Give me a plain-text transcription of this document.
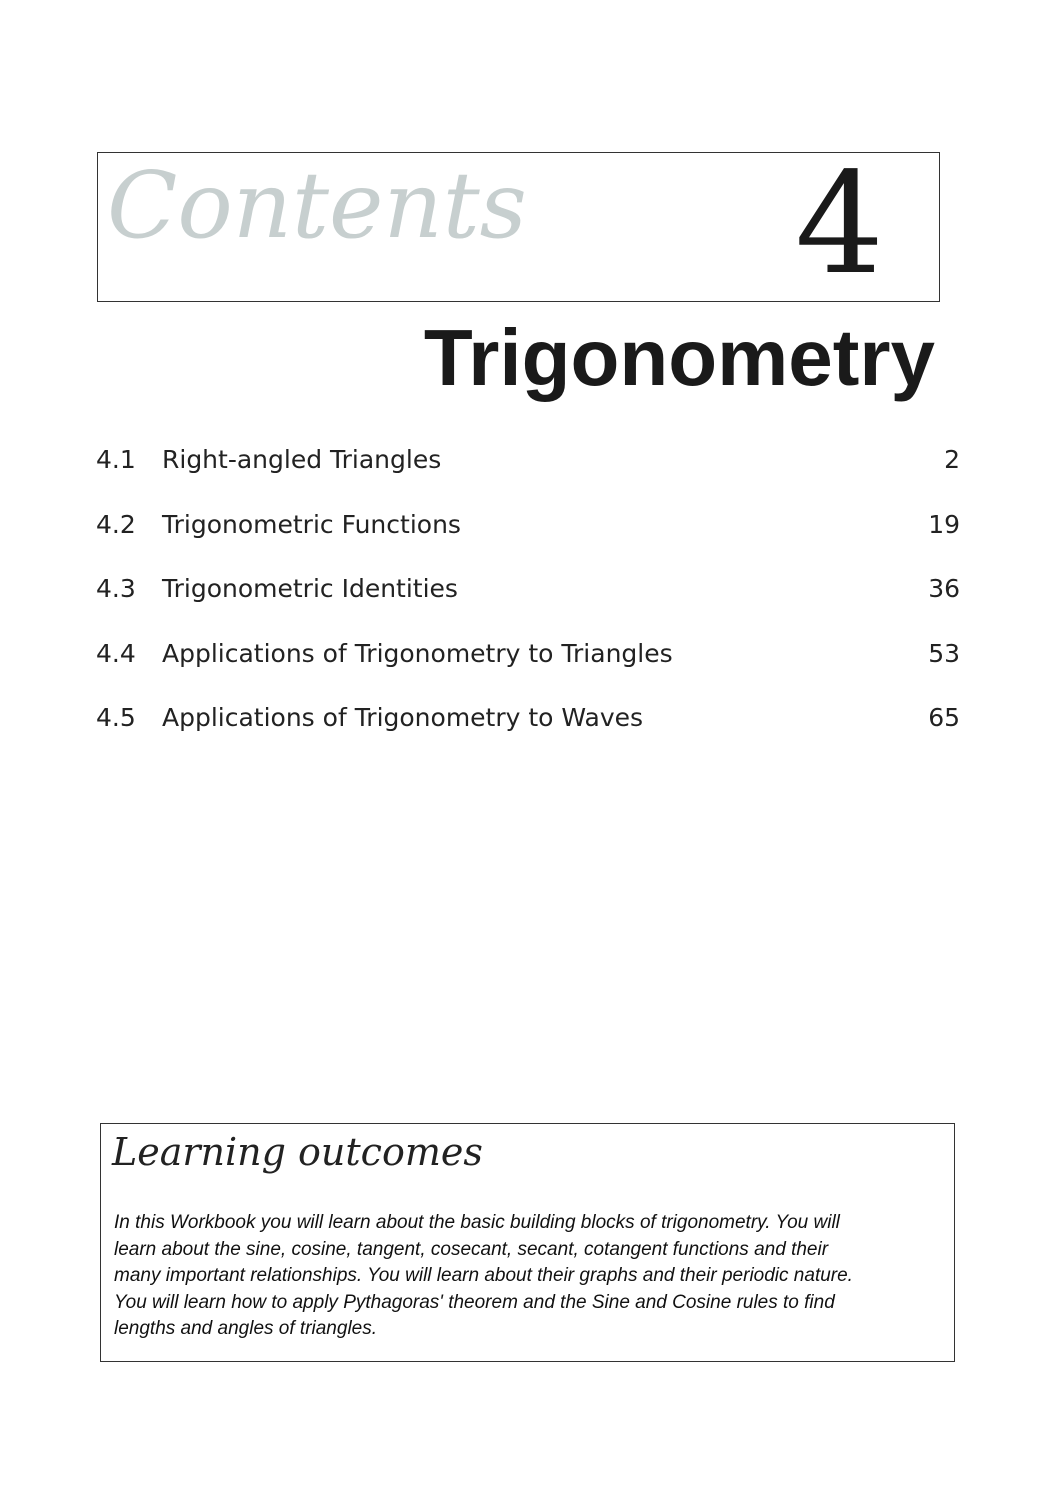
Contents 4
Trigonometry
4.1 Right-angled Triangles	2
4.2 Trigonometric Functions	19
4.3 Trigonometric Identities	36
4.4 Applications of Trigonometry to Triangles	53
4.5 Applications of Trigonometry to Waves	65
Learning outcomes

In this Workbook you will learn about the basic building blocks of trigonometry. You will
learn about the sine, cosine, tangent, cosecant, secant, cotangent functions and their
many important relationships. You will learn about their graphs and their periodic nature.
You will learn how to apply Pythagoras' theorem and the Sine and Cosine rules to find
lengths and angles of triangles.
